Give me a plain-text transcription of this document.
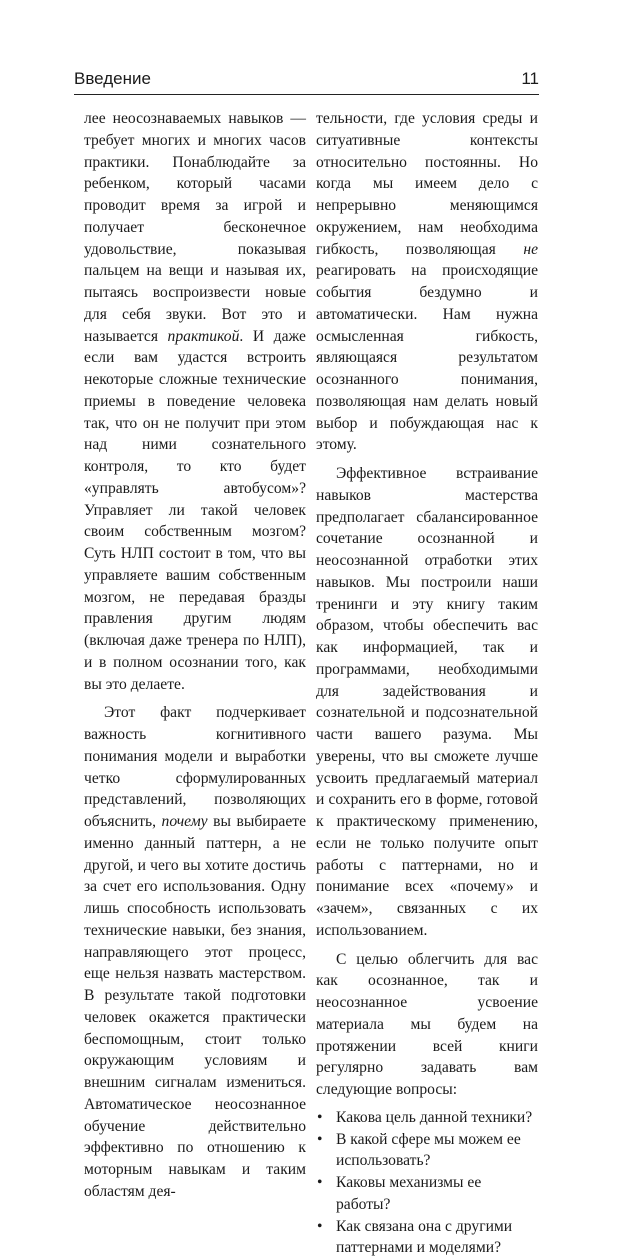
Введение	11

лее неосознаваемых навыков — требует многих и многих часов практики. Понаблюдайте за ребенком, который часами проводит время за игрой и получает бесконечное удовольствие, показывая пальцем на вещи и называя их, пытаясь воспроизвести новые для себя звуки. Вот это и называется практикой. И даже если вам удастся встроить некоторые сложные технические приемы в поведение человека так, что он не получит при этом над ними сознательного контроля, то кто будет «управлять автобусом»? Управляет ли такой человек своим собственным мозгом? Суть НЛП состоит в том, что вы управляете вашим собственным мозгом, не передавая бразды правления другим людям (включая даже тренера по НЛП), и в полном осознании того, как вы это делаете.

Этот факт подчеркивает важность когнитивного понимания модели и выработки четко сформулированных представлений, позволяющих объяснить, почему вы выбираете именно данный паттерн, а не другой, и чего вы хотите достичь за счет его использования. Одну лишь способность использовать технические навыки, без знания, направляющего этот процесс, еще нельзя назвать мастерством. В результате такой подготовки человек окажется практически беспомощным, стоит только окружающим условиям и внешним сигналам измениться. Автоматическое неосознанное обучение действительно эффективно по отношению к моторным навыкам и таким областям дея-

тельности, где условия среды и ситуативные контексты относительно постоянны. Но когда мы имеем дело с непрерывно меняющимся окружением, нам необходима гибкость, позволяющая не реагировать на происходящие события бездумно и автоматически. Нам нужна осмысленная гибкость, являющаяся результатом осознанного понимания, позволяющая нам делать новый выбор и побуждающая нас к этому.

Эффективное встраивание навыков мастерства предполагает сбалансированное сочетание осознанной и неосознанной отработки этих навыков. Мы построили наши тренинги и эту книгу таким образом, чтобы обеспечить вас как информацией, так и программами, необходимыми для задействования и сознательной и подсознательной части вашего разума. Мы уверены, что вы сможете лучше усвоить предлагаемый материал и сохранить его в форме, готовой к практическому применению, если не только получите опыт работы с паттернами, но и понимание всех «почему» и «зачем», связанных с их использованием.

С целью облегчить для вас как осознанное, так и неосознанное усвоение материала мы будем на протяжении всей книги регулярно задавать вам следующие вопросы:

• Какова цель данной техники?
• В какой сфере мы можем ее использовать?
• Каковы механизмы ее работы?
• Как связана она с другими паттернами и моделями?
